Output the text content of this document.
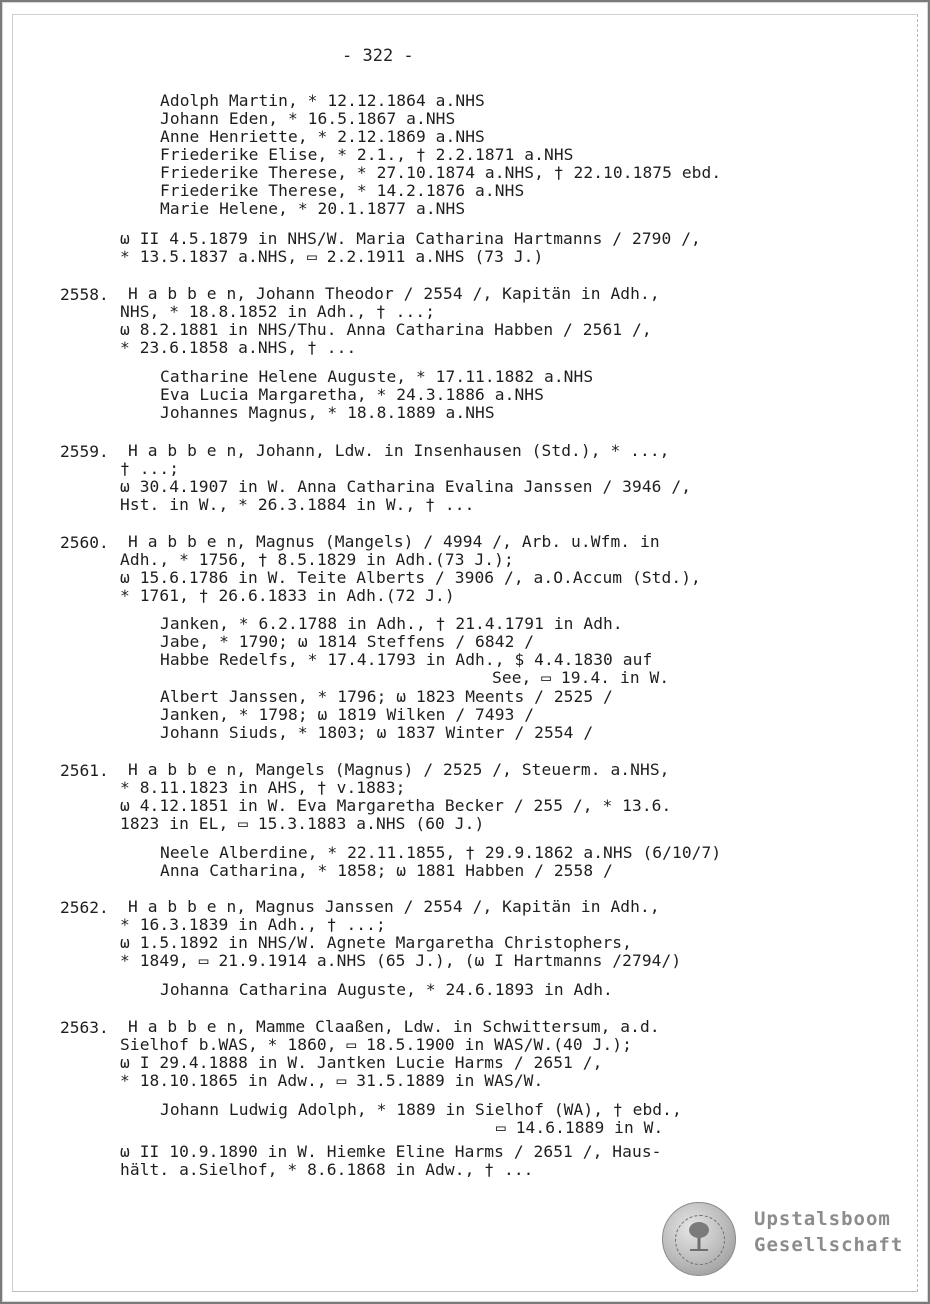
- 322 -
Adolph Martin, * 12.12.1864 a.NHS
Johann Eden, * 16.5.1867 a.NHS
Anne Henriette, * 2.12.1869 a.NHS
Friederike Elise, * 2.1., † 2.2.1871 a.NHS
Friederike Therese, * 27.10.1874 a.NHS, † 22.10.1875 ebd.
Friederike Therese, * 14.2.1876 a.NHS
Marie Helene, * 20.1.1877 a.NHS
ω II 4.5.1879 in NHS/W. Maria Catharina Hartmanns / 2790 /,
* 13.5.1837 a.NHS, ▭ 2.2.1911 a.NHS (73 J.)
2558. H a b b e n, Johann Theodor / 2554 /, Kapitän in Adh.,
NHS, * 18.8.1852 in Adh., † ...;
ω 8.2.1881 in NHS/Thu. Anna Catharina Habben / 2561 /,
* 23.6.1858 a.NHS, † ...
Catharine Helene Auguste, * 17.11.1882 a.NHS
Eva Lucia Margaretha, * 24.3.1886 a.NHS
Johannes Magnus, * 18.8.1889 a.NHS
2559. H a b b e n, Johann, Ldw. in Insenhausen (Std.), * ...,
† ...;
ω 30.4.1907 in W. Anna Catharina Evalina Janssen / 3946 /,
Hst. in W., * 26.3.1884 in W., † ...
2560. H a b b e n, Magnus (Mangels) / 4994 /, Arb. u.Wfm. in
Adh., * 1756, † 8.5.1829 in Adh.(73 J.);
ω 15.6.1786 in W. Teite Alberts / 3906 /, a.O.Accum (Std.),
* 1761, † 26.6.1833 in Adh.(72 J.)
Janken, * 6.2.1788 in Adh., † 21.4.1791 in Adh.
Jabe, * 1790; ω 1814 Steffens / 6842 /
Habbe Redelfs, * 17.4.1793 in Adh., $ 4.4.1830 auf
See, ▭ 19.4. in W.
Albert Janssen, * 1796; ω 1823 Meents / 2525 /
Janken, * 1798; ω 1819 Wilken / 7493 /
Johann Siuds, * 1803; ω 1837 Winter / 2554 /
2561. H a b b e n, Mangels (Magnus) / 2525 /, Steuerm. a.NHS,
* 8.11.1823 in AHS, † v.1883;
ω 4.12.1851 in W. Eva Margaretha Becker / 255 /, * 13.6.
1823 in EL, ▭ 15.3.1883 a.NHS (60 J.)
Neele Alberdine, * 22.11.1855, † 29.9.1862 a.NHS (6/10/7)
Anna Catharina, * 1858; ω 1881 Habben / 2558 /
2562. H a b b e n, Magnus Janssen / 2554 /, Kapitän in Adh.,
* 16.3.1839 in Adh., † ...;
ω 1.5.1892 in NHS/W. Agnete Margaretha Christophers,
* 1849, ▭ 21.9.1914 a.NHS (65 J.), (ω I Hartmanns /2794/)
Johanna Catharina Auguste, * 24.6.1893 in Adh.
2563. H a b b e n, Mamme Claaßen, Ldw. in Schwittersum, a.d.
Sielhof b.WAS, * 1860, ▭ 18.5.1900 in WAS/W.(40 J.);
ω I 29.4.1888 in W. Jantken Lucie Harms / 2651 /,
* 18.10.1865 in Adw., ▭ 31.5.1889 in WAS/W.
Johann Ludwig Adolph, * 1889 in Sielhof (WA), † ebd.,
▭ 14.6.1889 in W.
ω II 10.9.1890 in W. Hiemke Eline Harms / 2651 /, Haus-
hält. a.Sielhof, * 8.6.1868 in Adw., † ...
Upstalsboom
Gesellschaft
